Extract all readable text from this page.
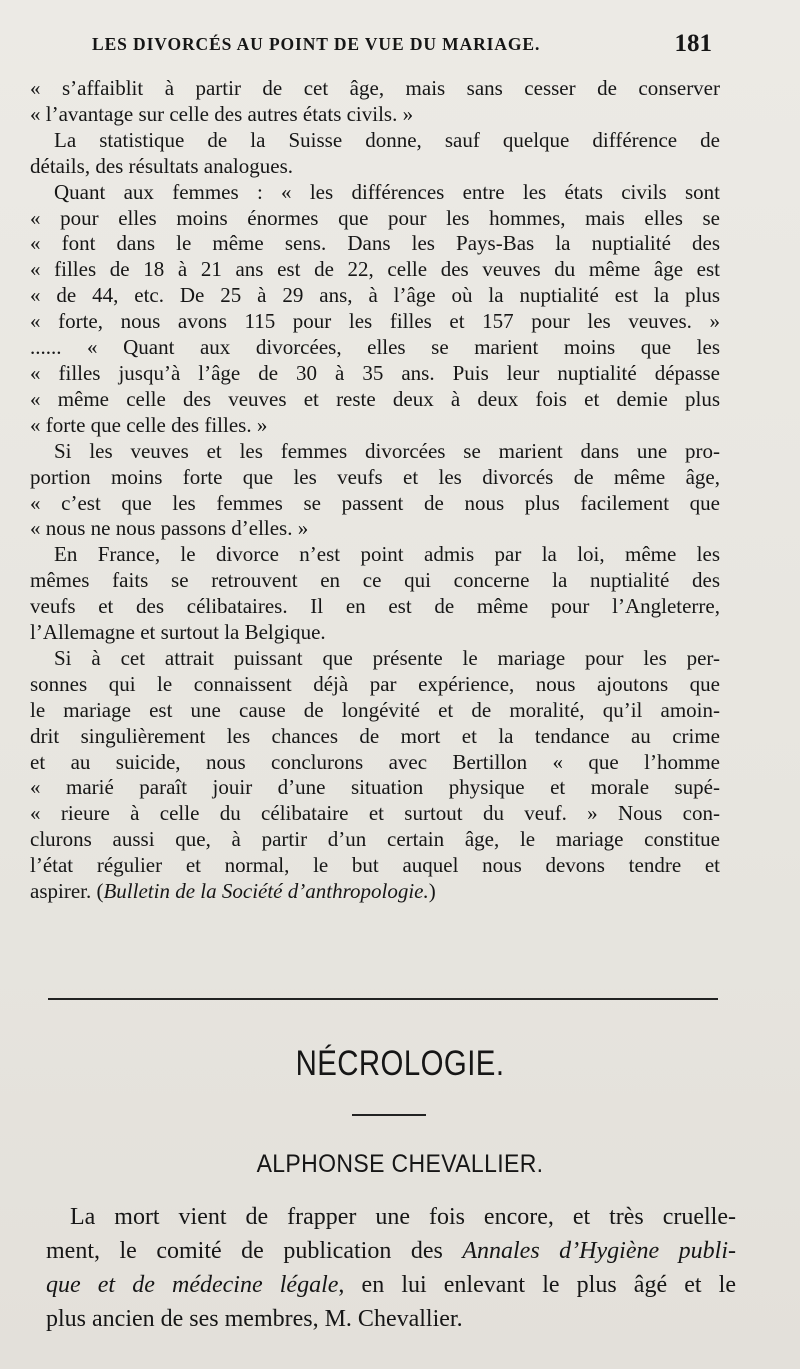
LES DIVORCÉS AU POINT DE VUE DU MARIAGE.	181
« s’affaiblit à partir de cet âge, mais sans cesser de conserver
« l’avantage sur celle des autres états civils. »
La statistique de la Suisse donne, sauf quelque différence de
détails, des résultats analogues.
Quant aux femmes : « les différences entre les états civils sont
« pour elles moins énormes que pour les hommes, mais elles se
« font dans le même sens. Dans les Pays-Bas la nuptialité des
« filles de 18 à 21 ans est de 22, celle des veuves du même âge est
« de 44, etc. De 25 à 29 ans, à l’âge où la nuptialité est la plus
« forte, nous avons 115 pour les filles et 157 pour les veuves. »
...... « Quant aux divorcées, elles se marient moins que les
« filles jusqu’à l’âge de 30 à 35 ans. Puis leur nuptialité dépasse
« même celle des veuves et reste deux à deux fois et demie plus
« forte que celle des filles. »
Si les veuves et les femmes divorcées se marient dans une pro-
portion moins forte que les veufs et les divorcés de même âge,
« c’est que les femmes se passent de nous plus facilement que
« nous ne nous passons d’elles. »
En France, le divorce n’est point admis par la loi, même les
mêmes faits se retrouvent en ce qui concerne la nuptialité des
veufs et des célibataires. Il en est de même pour l’Angleterre,
l’Allemagne et surtout la Belgique.
Si à cet attrait puissant que présente le mariage pour les per-
sonnes qui le connaissent déjà par expérience, nous ajoutons que
le mariage est une cause de longévité et de moralité, qu’il amoin-
drit singulièrement les chances de mort et la tendance au crime
et au suicide, nous conclurons avec Bertillon « que l’homme
« marié paraît jouir d’une situation physique et morale supé-
« rieure à celle du célibataire et surtout du veuf. » Nous con-
clurons aussi que, à partir d’un certain âge, le mariage constitue
l’état régulier et normal, le but auquel nous devons tendre et
aspirer. (Bulletin de la Société d’anthropologie.)
NÉCROLOGIE.
ALPHONSE CHEVALLIER.
La mort vient de frapper une fois encore, et très cruelle-
ment, le comité de publication des Annales d’Hygiène publi-
que et de médecine légale, en lui enlevant le plus âgé et le
plus ancien de ses membres, M. Chevallier.
